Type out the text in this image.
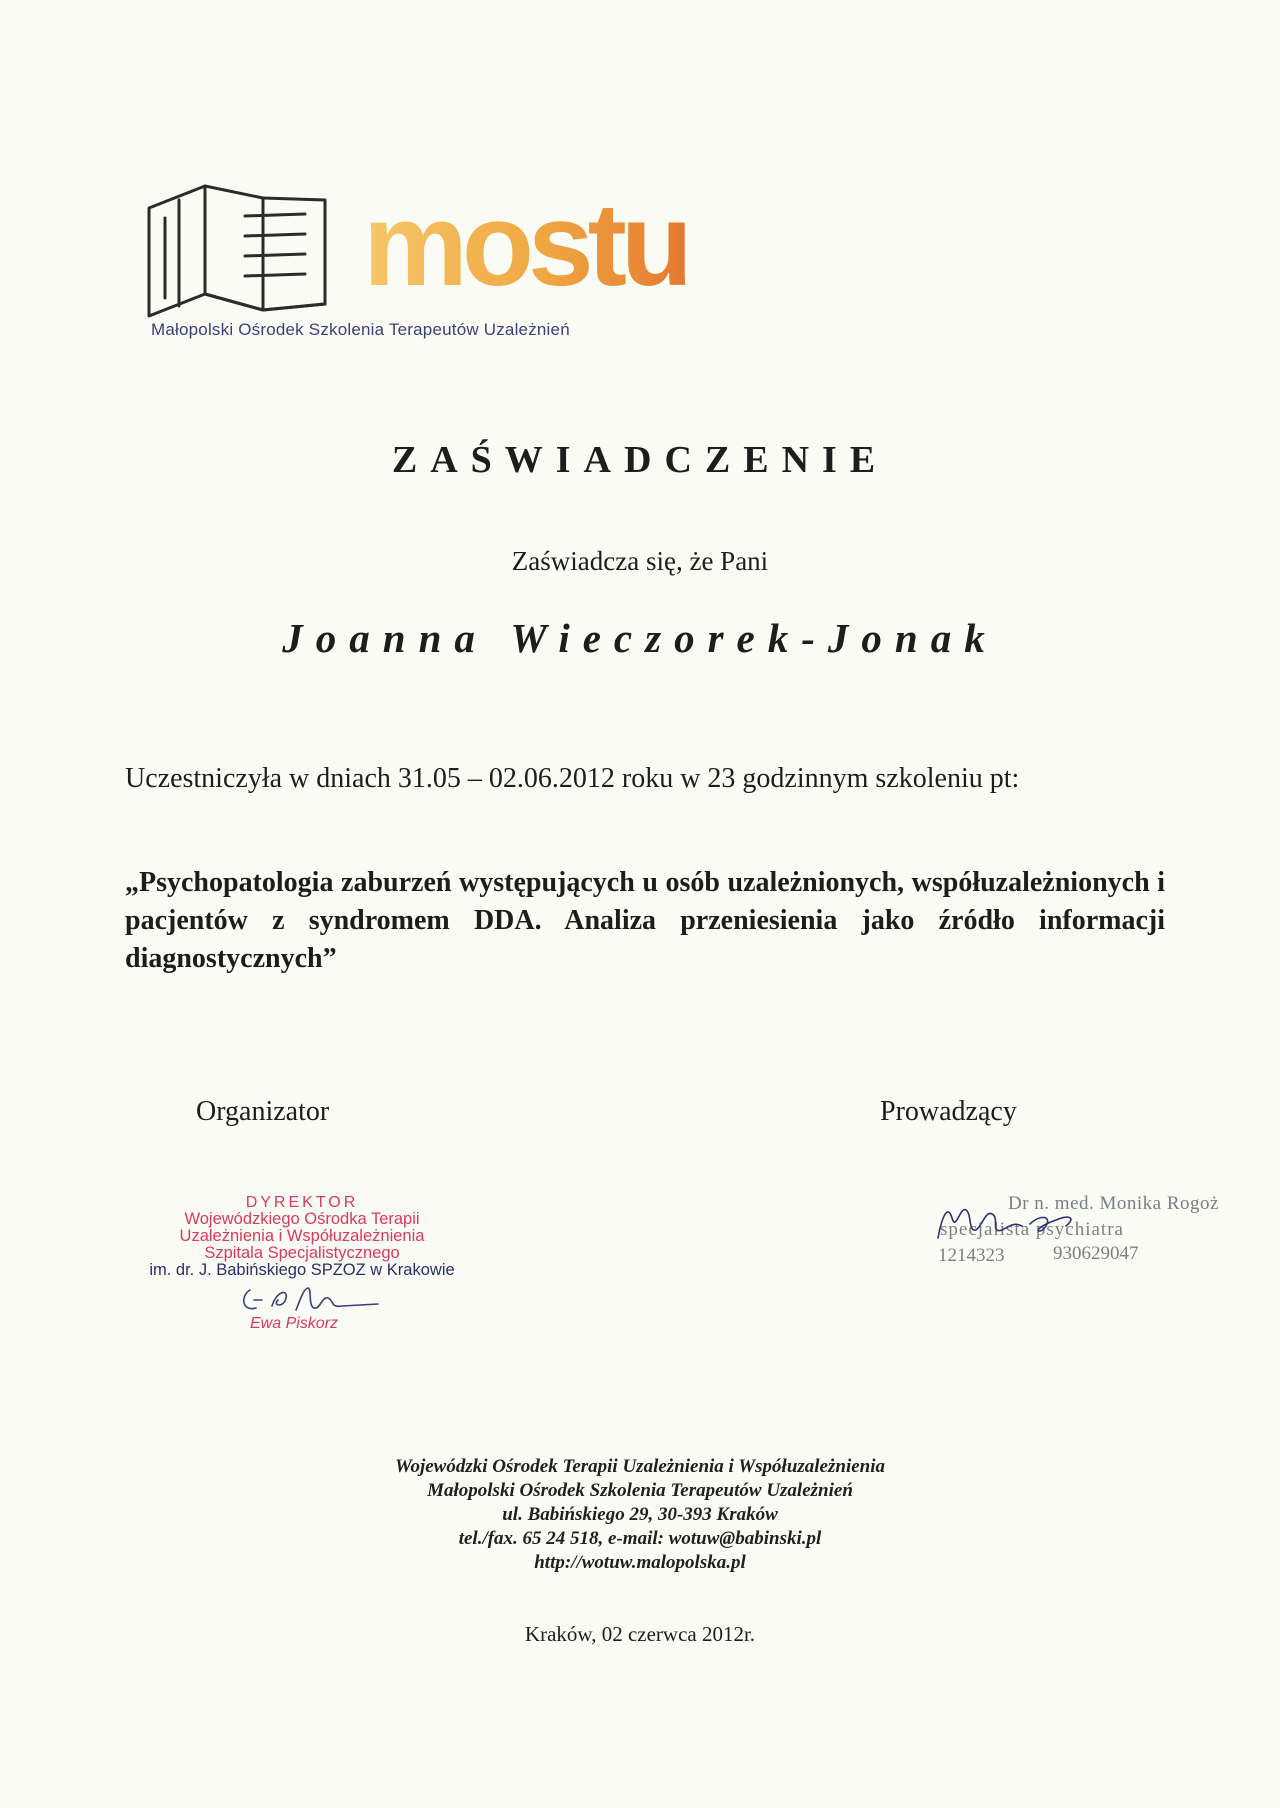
mostu
Małopolski Ośrodek Szkolenia Terapeutów Uzależnień
ZAŚWIADCZENIE
Zaświadcza się, że Pani
Joanna Wieczorek-Jonak
Uczestniczyła w dniach 31.05 – 02.06.2012 roku w 23 godzinnym szkoleniu pt:
„Psychopatologia zaburzeń występujących u osób uzależnionych, współuzależnionych i pacjentów z syndromem DDA. Analiza przeniesienia jako źródło informacji diagnostycznych”
Organizator	Prowadzący
DYREKTOR
Wojewódzkiego Ośrodka Terapii
Uzależnienia i Współuzależnienia
Szpitala Specjalistycznego
im. dr. J. Babińskiego SPZOZ w Krakowie
Ewa Piskorz
Dr n. med. Monika Rogoż
specjalista psychiatra
1214323	930629047
Wojewódzki Ośrodek Terapii Uzależnienia i Współuzależnienia
Małopolski Ośrodek Szkolenia Terapeutów Uzależnień
ul. Babińskiego 29, 30-393 Kraków
tel./fax. 65 24 518, e-mail: wotuw@babinski.pl
http://wotuw.malopolska.pl
Kraków, 02 czerwca 2012r.
